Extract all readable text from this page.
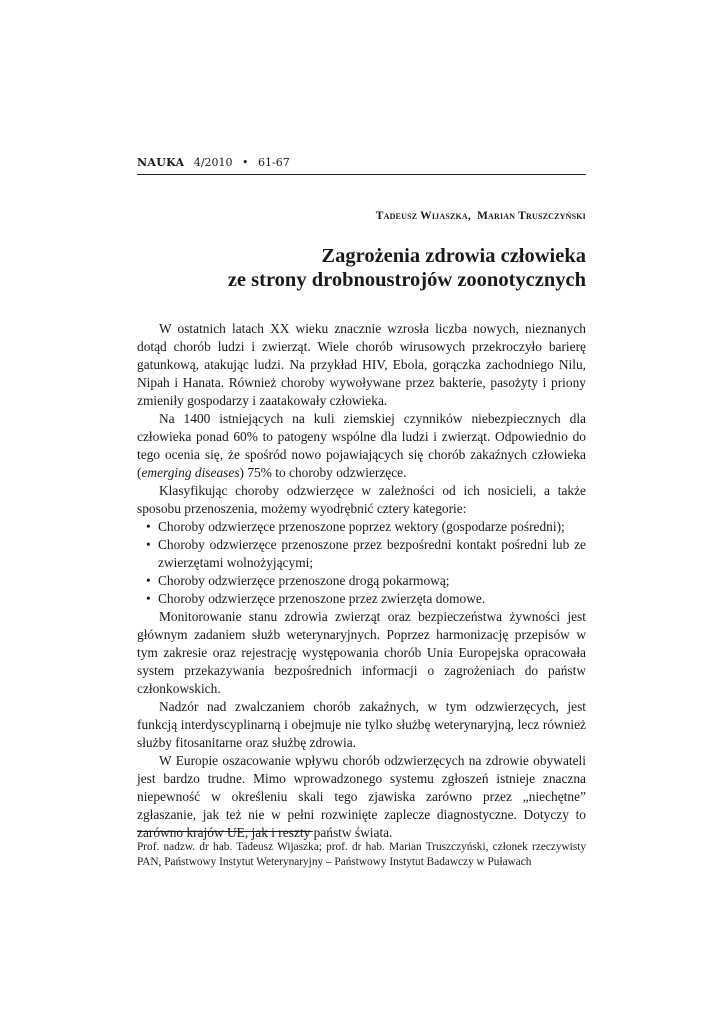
NAUKA 4/2010 • 61-67
Tadeusz Wijaszka, Marian Truszczyński
Zagrożenia zdrowia człowieka
ze strony drobnoustrojów zoonotycznych

W ostatnich latach XX wieku znacznie wzrosła liczba nowych, nieznanych dotąd chorób ludzi i zwierząt. Wiele chorób wirusowych przekroczyło barierę gatunkową, atakując ludzi. Na przykład HIV, Ebola, gorączka zachodniego Nilu, Nipah i Hanata. Również choroby wywoływane przez bakterie, pasożyty i priony zmieniły gospodarzy i zaatakowały człowieka.

Na 1400 istniejących na kuli ziemskiej czynników niebezpiecznych dla człowieka ponad 60% to patogeny wspólne dla ludzi i zwierząt. Odpowiednio do tego ocenia się, że spośród nowo pojawiających się chorób zakaźnych człowieka (emerging diseases) 75% to choroby odzwierzęce.

Klasyfikując choroby odzwierzęce w zależności od ich nosicieli, a także sposobu przenoszenia, możemy wyodrębnić cztery kategorie:

• Choroby odzwierzęce przenoszone poprzez wektory (gospodarze pośredni);
• Choroby odzwierzęce przenoszone przez bezpośredni kontakt pośredni lub ze zwierzętami wolnożyjącymi;
• Choroby odzwierzęce przenoszone drogą pokarmową;
• Choroby odzwierzęce przenoszone przez zwierzęta domowe.

Monitorowanie stanu zdrowia zwierząt oraz bezpieczeństwa żywności jest głównym zadaniem służb weterynaryjnych. Poprzez harmonizację przepisów w tym zakresie oraz rejestrację występowania chorób Unia Europejska opracowała system przekazywania bezpośrednich informacji o zagrożeniach do państw członkowskich.

Nadzór nad zwalczaniem chorób zakaźnych, w tym odzwierzęcych, jest funkcją interdyscyplinarną i obejmuje nie tylko służbę weterynaryjną, lecz również służby fitosanitarne oraz służbę zdrowia.

W Europie oszacowanie wpływu chorób odzwierzęcych na zdrowie obywateli jest bardzo trudne. Mimo wprowadzonego systemu zgłoszeń istnieje znaczna niepewność w określeniu skali tego zjawiska zarówno przez „niechętne” zgłaszanie, jak też nie w pełni rozwinięte zaplecze diagnostyczne. Dotyczy to zarówno krajów UE, jak i reszty państw świata.

Prof. nadzw. dr hab. Tadeusz Wijaszka; prof. dr hab. Marian Truszczyński, członek rzeczywisty PAN, Państwowy Instytut Weterynaryjny – Państwowy Instytut Badawczy w Puławach
